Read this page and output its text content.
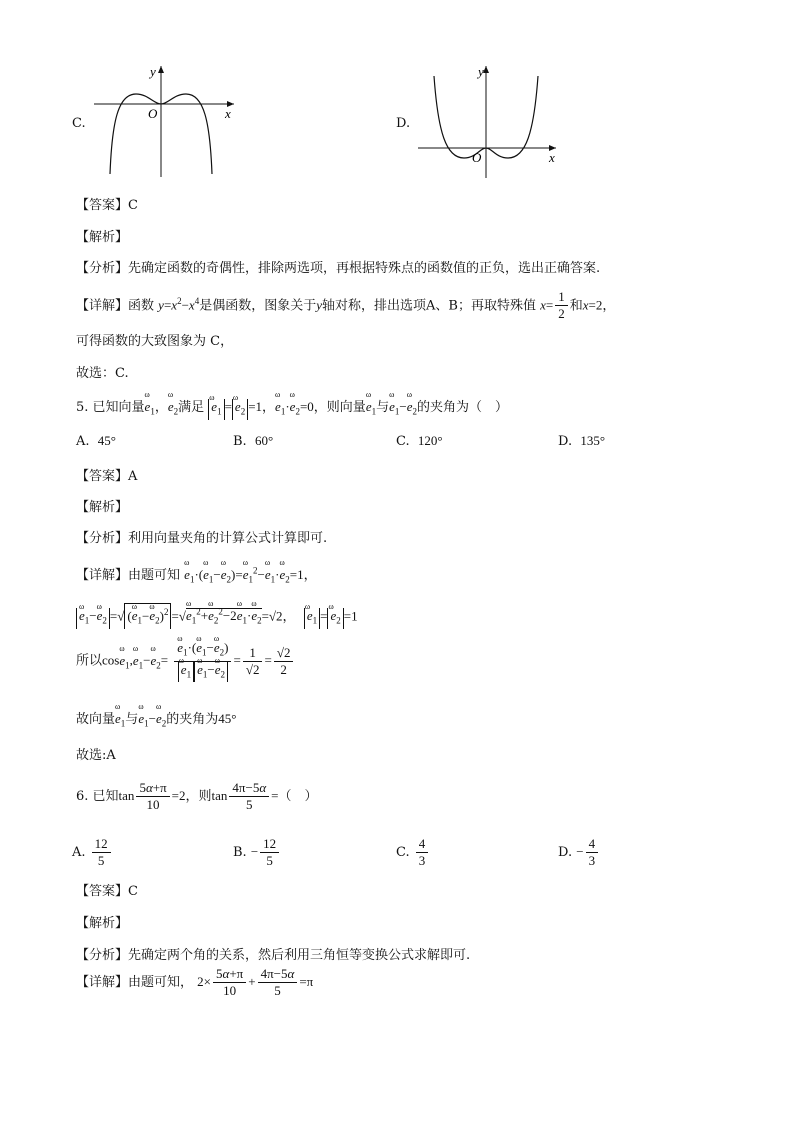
C.
y
x
O
D.
y
x
O
【答案】C
【解析】
【分析】先确定函数的奇偶性，排除两选项，再根据特殊点的函数值的正负，选出正确答案.
【详解】函数 $y=x^2-x^4$是偶函数，图象关于y轴对称，排出选项A、B；再取特殊值 $x= \frac{1}{2}$ 和x=2，
可得函数的大致图象为 C，
故选：C.
5. 已知向量ω $e_1$，ω $e_2$满足 ω $e_1 =\omega$ $e_2 =1$，ω $e_1\cdot\omega$ $e_2=0$，则向量ω $e_1$与ω $e_1-\omega$ $e_2$的夹角为（　）
A. 45°	B. 60°	C. 120°	D. 135°
【答案】A
【解析】
【分析】利用向量夹角的计算公式计算即可.
【详解】由题可知 ω $e_1\cdot(\omega$ $e_1-\omega$ $e_2)=\omega$ $e_1^2-\omega$ $e_1\cdot\omega$ $e_2=1$，
ω $e_1-\omega$ $e_2$ =√ (ω $e_1-\omega$ $e_2)^2 =√\omega$ $e_1^2+\omega$ $e_2^2-2\omega$ $e_1\cdot\omega$ $e_2=√2$，  ω $e_1 =\omega$ $e_2 =1$
所以cosω $e_1,\omega$ $e_1-\omega$ $e_2=$
ω $e_1\cdot(\omega$ $e_1-\omega$ $e_2$)
ω $e_1\omega$ $e_1-\omega$ $e_2 = \frac{1}{√2} = \frac{√2}{2}$
故向量ω $e_1$与ω $e_1-\omega$ $e_2$的夹角为45°
故选:A
6. 已知$\tan \frac{5\alpha+\pi}{10} =2$，则$\tan \frac{4\pi-5\alpha}{5}$ =（　）
A. $\frac{12}{5}$	B. − $\frac{12}{5}$	C. $\frac{4}{3}$	D. − $\frac{4}{3}$
【答案】C
【解析】
【分析】先确定两个角的关系，然后利用三角恒等变换公式求解即可.
【详解】由题可知， $2\times \frac{5\alpha+\pi}{10} + \frac{4\pi-5\alpha}{5} =\pi$
